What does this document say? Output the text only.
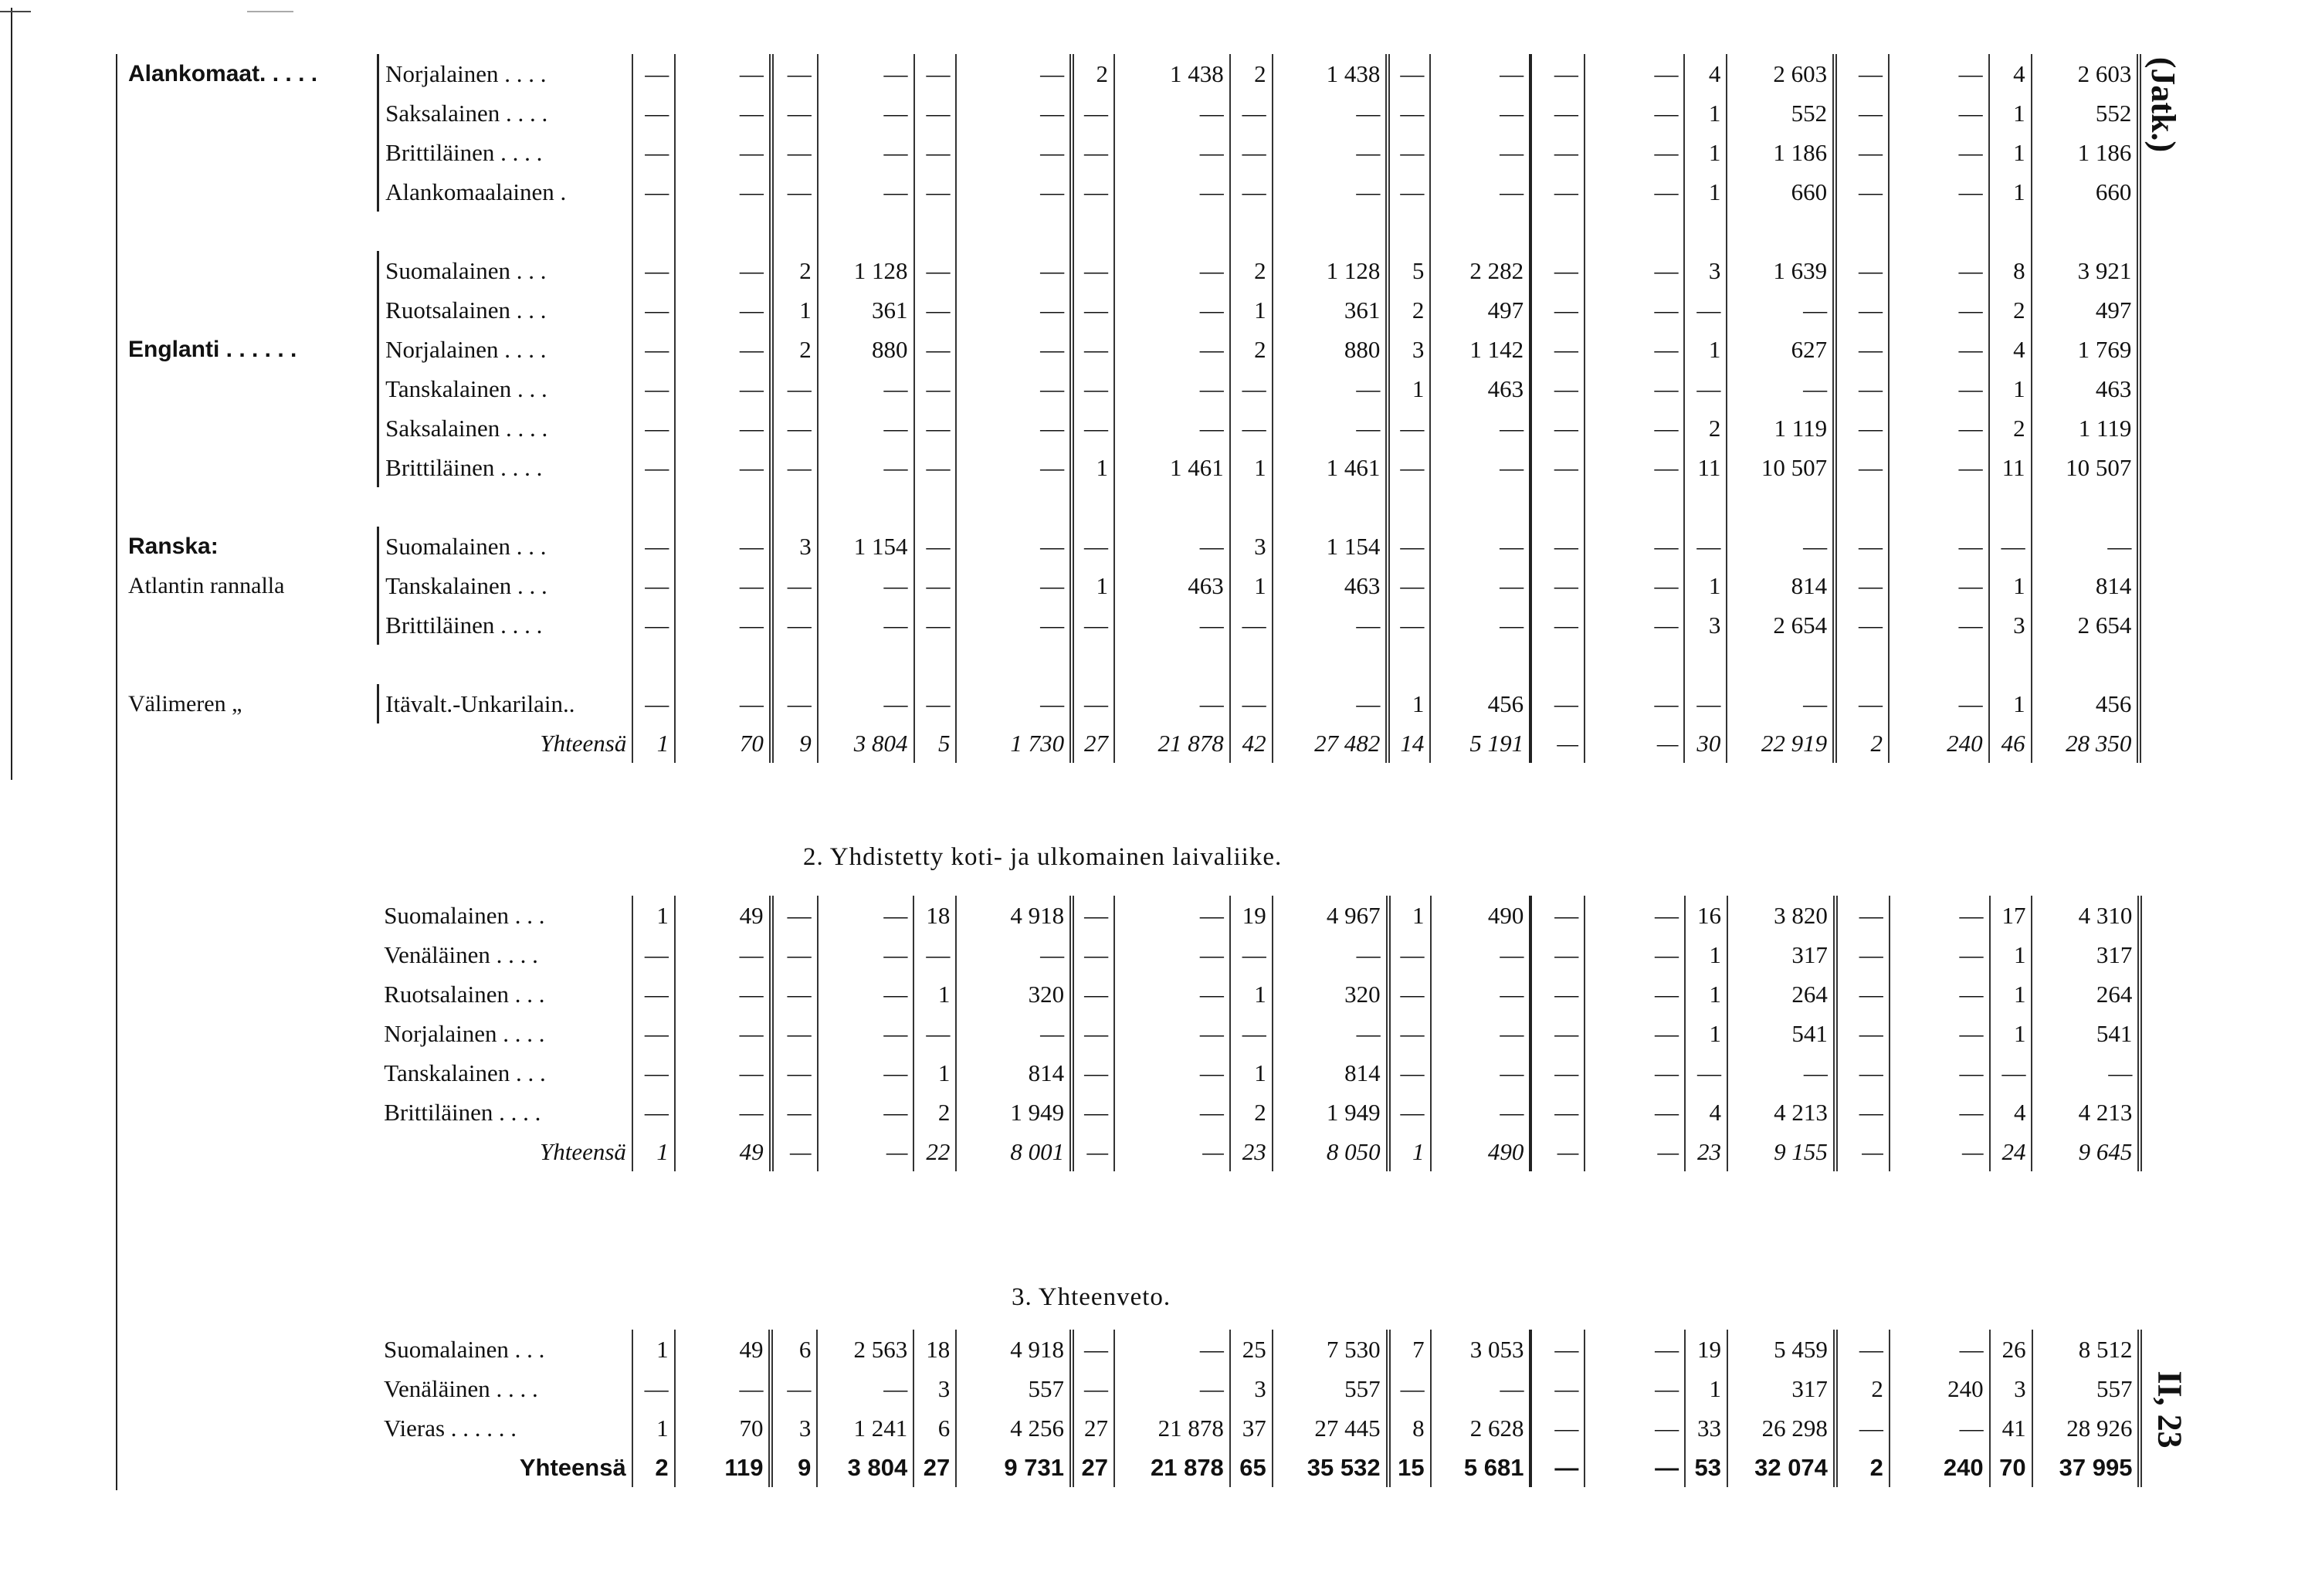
(Jatk.)
II, 23
Alankomaat. . . . .	Norjalainen . . . .	—	—	—	—	—	—	2	1 438	2	1 438	—	—	—	—	4	2 603	—	—	4	2 603
	Saksalainen . . . .	—	—	—	—	—	—	—	—	—	—	—	—	—	—	1	552	—	—	1	552
	Brittiläinen . . . .	—	—	—	—	—	—	—	—	—	—	—	—	—	—	1	1 186	—	—	1	1 186
	Alankomaalainen .	—	—	—	—	—	—	—	—	—	—	—	—	—	—	1	660	—	—	1	660

	Suomalainen . . .	—	—	2	1 128	—	—	—	—	2	1 128	5	2 282	—	—	3	1 639	—	—	8	3 921
	Ruotsalainen . . .	—	—	1	361	—	—	—	—	1	361	2	497	—	—	—	—	—	—	2	497
Englanti . . . . . .	Norjalainen . . . .	—	—	2	880	—	—	—	—	2	880	3	1 142	—	—	1	627	—	—	4	1 769
	Tanskalainen . . .	—	—	—	—	—	—	—	—	—	—	1	463	—	—	—	—	—	—	1	463
	Saksalainen . . . .	—	—	—	—	—	—	—	—	—	—	—	—	—	—	2	1 119	—	—	2	1 119
	Brittiläinen . . . .	—	—	—	—	—	—	1	1 461	1	1 461	—	—	—	—	11	10 507	—	—	11	10 507

Ranska:	Suomalainen . . .	—	—	3	1 154	—	—	—	—	3	1 154	—	—	—	—	—	—	—	—	—	—
Atlantin rannalla	Tanskalainen . . .	—	—	—	—	—	—	1	463	1	463	—	—	—	—	1	814	—	—	1	814
	Brittiläinen . . . .	—	—	—	—	—	—	—	—	—	—	—	—	—	—	3	2 654	—	—	3	2 654

Välimeren „	Itävalt.-Unkarilain..	—	—	—	—	—	—	—	—	—	—	1	456	—	—	—	—	—	—	1	456
	Yhteensä	1	70	9	3 804	5	1 730	27	21 878	42	27 482	14	5 191	—	—	30	22 919	2	240	46	28 350
2. Yhdistetty koti- ja ulkomainen laivaliike.
	Suomalainen . . .	1	49	—	—	18	4 918	—	—	19	4 967	1	490	—	—	16	3 820	—	—	17	4 310
	Venäläinen . . . .	—	—	—	—	—	—	—	—	—	—	—	—	—	—	1	317	—	—	1	317
	Ruotsalainen . . .	—	—	—	—	1	320	—	—	1	320	—	—	—	—	1	264	—	—	1	264
	Norjalainen . . . .	—	—	—	—	—	—	—	—	—	—	—	—	—	—	1	541	—	—	1	541
	Tanskalainen . . .	—	—	—	—	1	814	—	—	1	814	—	—	—	—	—	—	—	—	—	—
	Brittiläinen . . . .	—	—	—	—	2	1 949	—	—	2	1 949	—	—	—	—	4	4 213	—	—	4	4 213
	Yhteensä	1	49	—	—	22	8 001	—	—	23	8 050	1	490	—	—	23	9 155	—	—	24	9 645
3. Yhteenveto.
	Suomalainen . . .	1	49	6	2 563	18	4 918	—	—	25	7 530	7	3 053	—	—	19	5 459	—	—	26	8 512
	Venäläinen . . . .	—	—	—	—	3	557	—	—	3	557	—	—	—	—	1	317	2	240	3	557
	Vieras . . . . . .	1	70	3	1 241	6	4 256	27	21 878	37	27 445	8	2 628	—	—	33	26 298	—	—	41	28 926
	Yhteensä	2	119	9	3 804	27	9 731	27	21 878	65	35 532	15	5 681	—	—	53	32 074	2	240	70	37 995
